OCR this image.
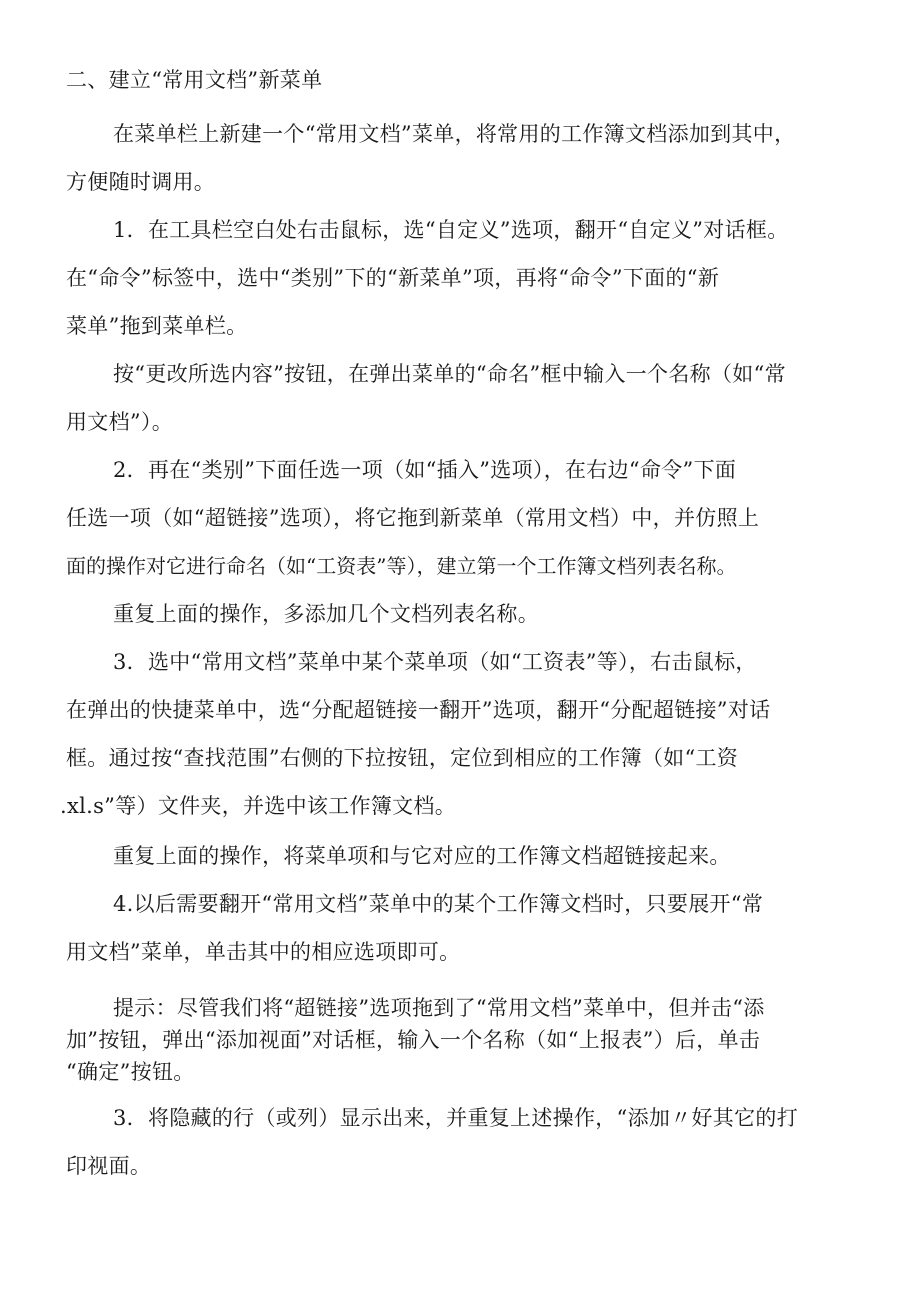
二、建立“常用文档”新菜单
在菜单栏上新建一个“常用文档”菜单，将常用的工作簿文档添加到其中，
方便随时调用。
1．在工具栏空白处右击鼠标，选“自定义”选项，翻开“自定义”对话框。
在“命令”标签中，选中“类别”下的“新菜单”项，再将“命令”下面的“新
菜单”拖到菜单栏。
按“更改所选内容”按钮，在弹出菜单的“命名”框中输入一个名称（如“常
用文档”）。
2．再在“类别”下面任选一项（如“插入”选项），在右边“命令”下面
任选一项（如“超链接”选项），将它拖到新菜单（常用文档）中，并仿照上
面的操作对它进行命名（如“工资表”等），建立第一个工作簿文档列表名称。
重复上面的操作，多添加几个文档列表名称。
3．选中“常用文档”菜单中某个菜单项（如“工资表”等），右击鼠标，
在弹出的快捷菜单中，选“分配超链接一翻开”选项，翻开“分配超链接”对话
框。通过按“查找范围”右侧的下拉按钮，定位到相应的工作簿（如“工资
.xl.s”等）文件夹，并选中该工作簿文档。
重复上面的操作，将菜单项和与它对应的工作簿文档超链接起来。
4.以后需要翻开“常用文档”菜单中的某个工作簿文档时，只要展开“常
用文档”菜单，单击其中的相应选项即可。
提示：尽管我们将“超链接”选项拖到了“常用文档”菜单中，但并击“添
加”按钮，弹出“添加视面”对话框，输入一个名称（如“上报表”）后，单击
“确定”按钮。
3．将隐藏的行（或列）显示出来，并重复上述操作，“添加〃好其它的打
印视面。
